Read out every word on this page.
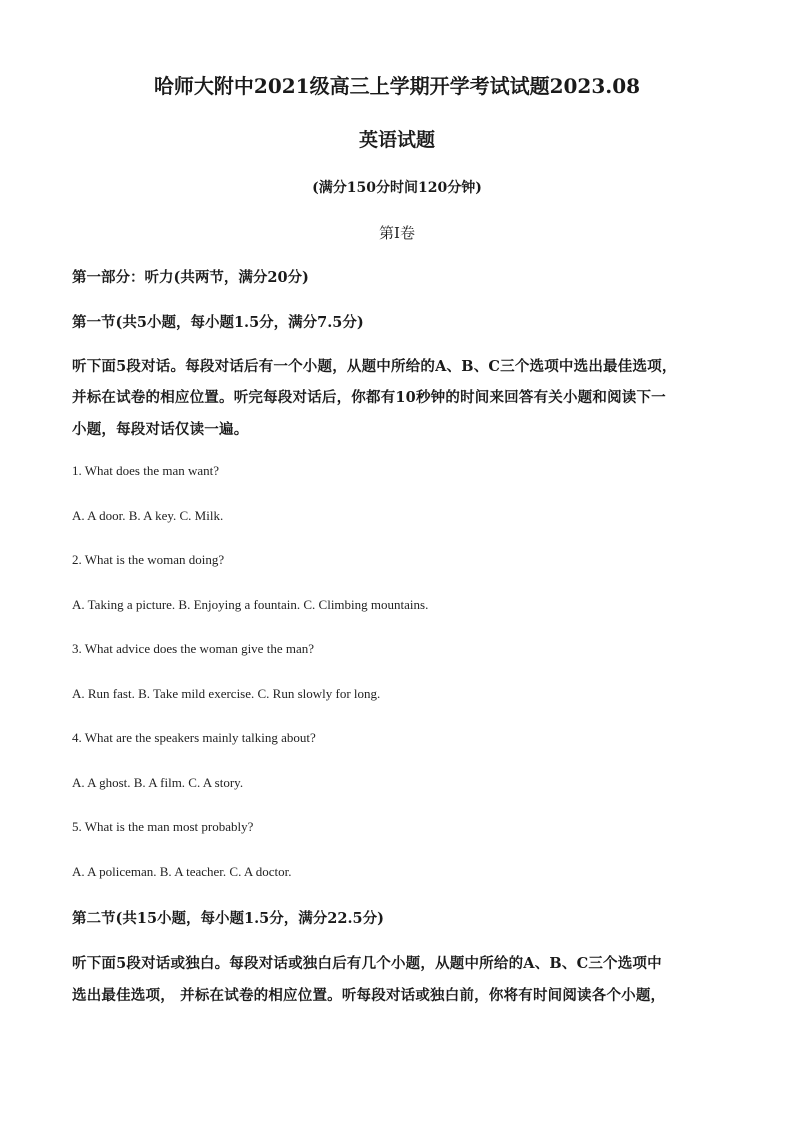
哈师大附中2021级高三上学期开学考试试题2023.08
英语试题
(满分150分时间120分钟)
第Ⅰ卷
第一部分：听力(共两节，满分20分)
第一节(共5小题，每小题1.5分，满分7.5分)
听下面5段对话。每段对话后有一个小题，从题中所给的A、B、C三个选项中选出最佳选项，
并标在试卷的相应位置。听完每段对话后，你都有10秒钟的时间来回答有关小题和阅读下一
小题，每段对话仅读一遍。
1. What does the man want?
A. A door. B. A key. C. Milk.
2. What is the woman doing?
A. Taking a picture. B. Enjoying a fountain. C. Climbing mountains.
3. What advice does the woman give the man?
A. Run fast. B. Take mild exercise. C. Run slowly for long.
4. What are the speakers mainly talking about?
A. A ghost. B. A film. C. A story.
5. What is the man most probably?
A. A policeman. B. A teacher. C. A doctor.
第二节(共15小题，每小题1.5分，满分22.5分)
听下面5段对话或独白。每段对话或独白后有几个小题，从题中所给的A、B、C三个选项中
选出最佳选项， 并标在试卷的相应位置。听每段对话或独白前，你将有时间阅读各个小题，
